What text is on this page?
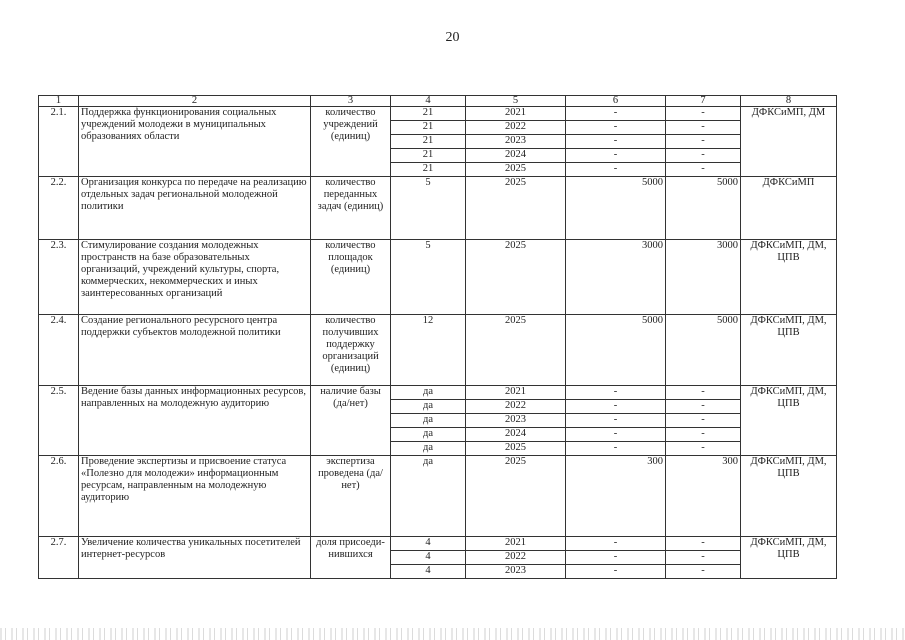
20
1	2	3	4	5	6	7	8
2.1.	Поддержка функционирования социальных учреждений молодежи в муниципальных образованиях области	количество учреждений (единиц)	21	2021	-	-	ДФКСиМП, ДМ
			21	2022	-	-	
			21	2023	-	-	
			21	2024	-	-	
			21	2025	-	-	
2.2.	Организация конкурса по передаче на реализацию отдельных задач региональной молодежной политики	количество переданных задач (единиц)	5	2025	5000	5000	ДФКСиМП
2.3.	Стимулирование создания молодежных пространств на базе образовательных организаций, учреждений культуры, спорта, коммерческих, некоммерческих и иных заинтересованных организаций	количество площадок (единиц)	5	2025	3000	3000	ДФКСиМП, ДМ, ЦПВ
2.4.	Создание регионального ресурсного центра поддержки субъектов молодежной политики	количество получивших поддержку организаций (единиц)	12	2025	5000	5000	ДФКСиМП, ДМ, ЦПВ
2.5.	Ведение базы данных информационных ресурсов, направленных на молодежную аудиторию	наличие базы (да/нет)	да	2021	-	-	ДФКСиМП, ДМ, ЦПВ
			да	2022	-	-	
			да	2023	-	-	
			да	2024	-	-	
			да	2025	-	-	
2.6.	Проведение экспертизы и присвоение статуса «Полезно для молодежи» информационным ресурсам, направленным на молодежную аудиторию	экспертиза проведена (да/нет)	да	2025	300	300	ДФКСиМП, ДМ, ЦПВ
2.7.	Увеличение количества уникальных посетителей интернет-ресурсов	доля присоеди-нившихся	4	2021	-	-	ДФКСиМП, ДМ, ЦПВ
			4	2022	-	-	
			4	2023	-	-	
